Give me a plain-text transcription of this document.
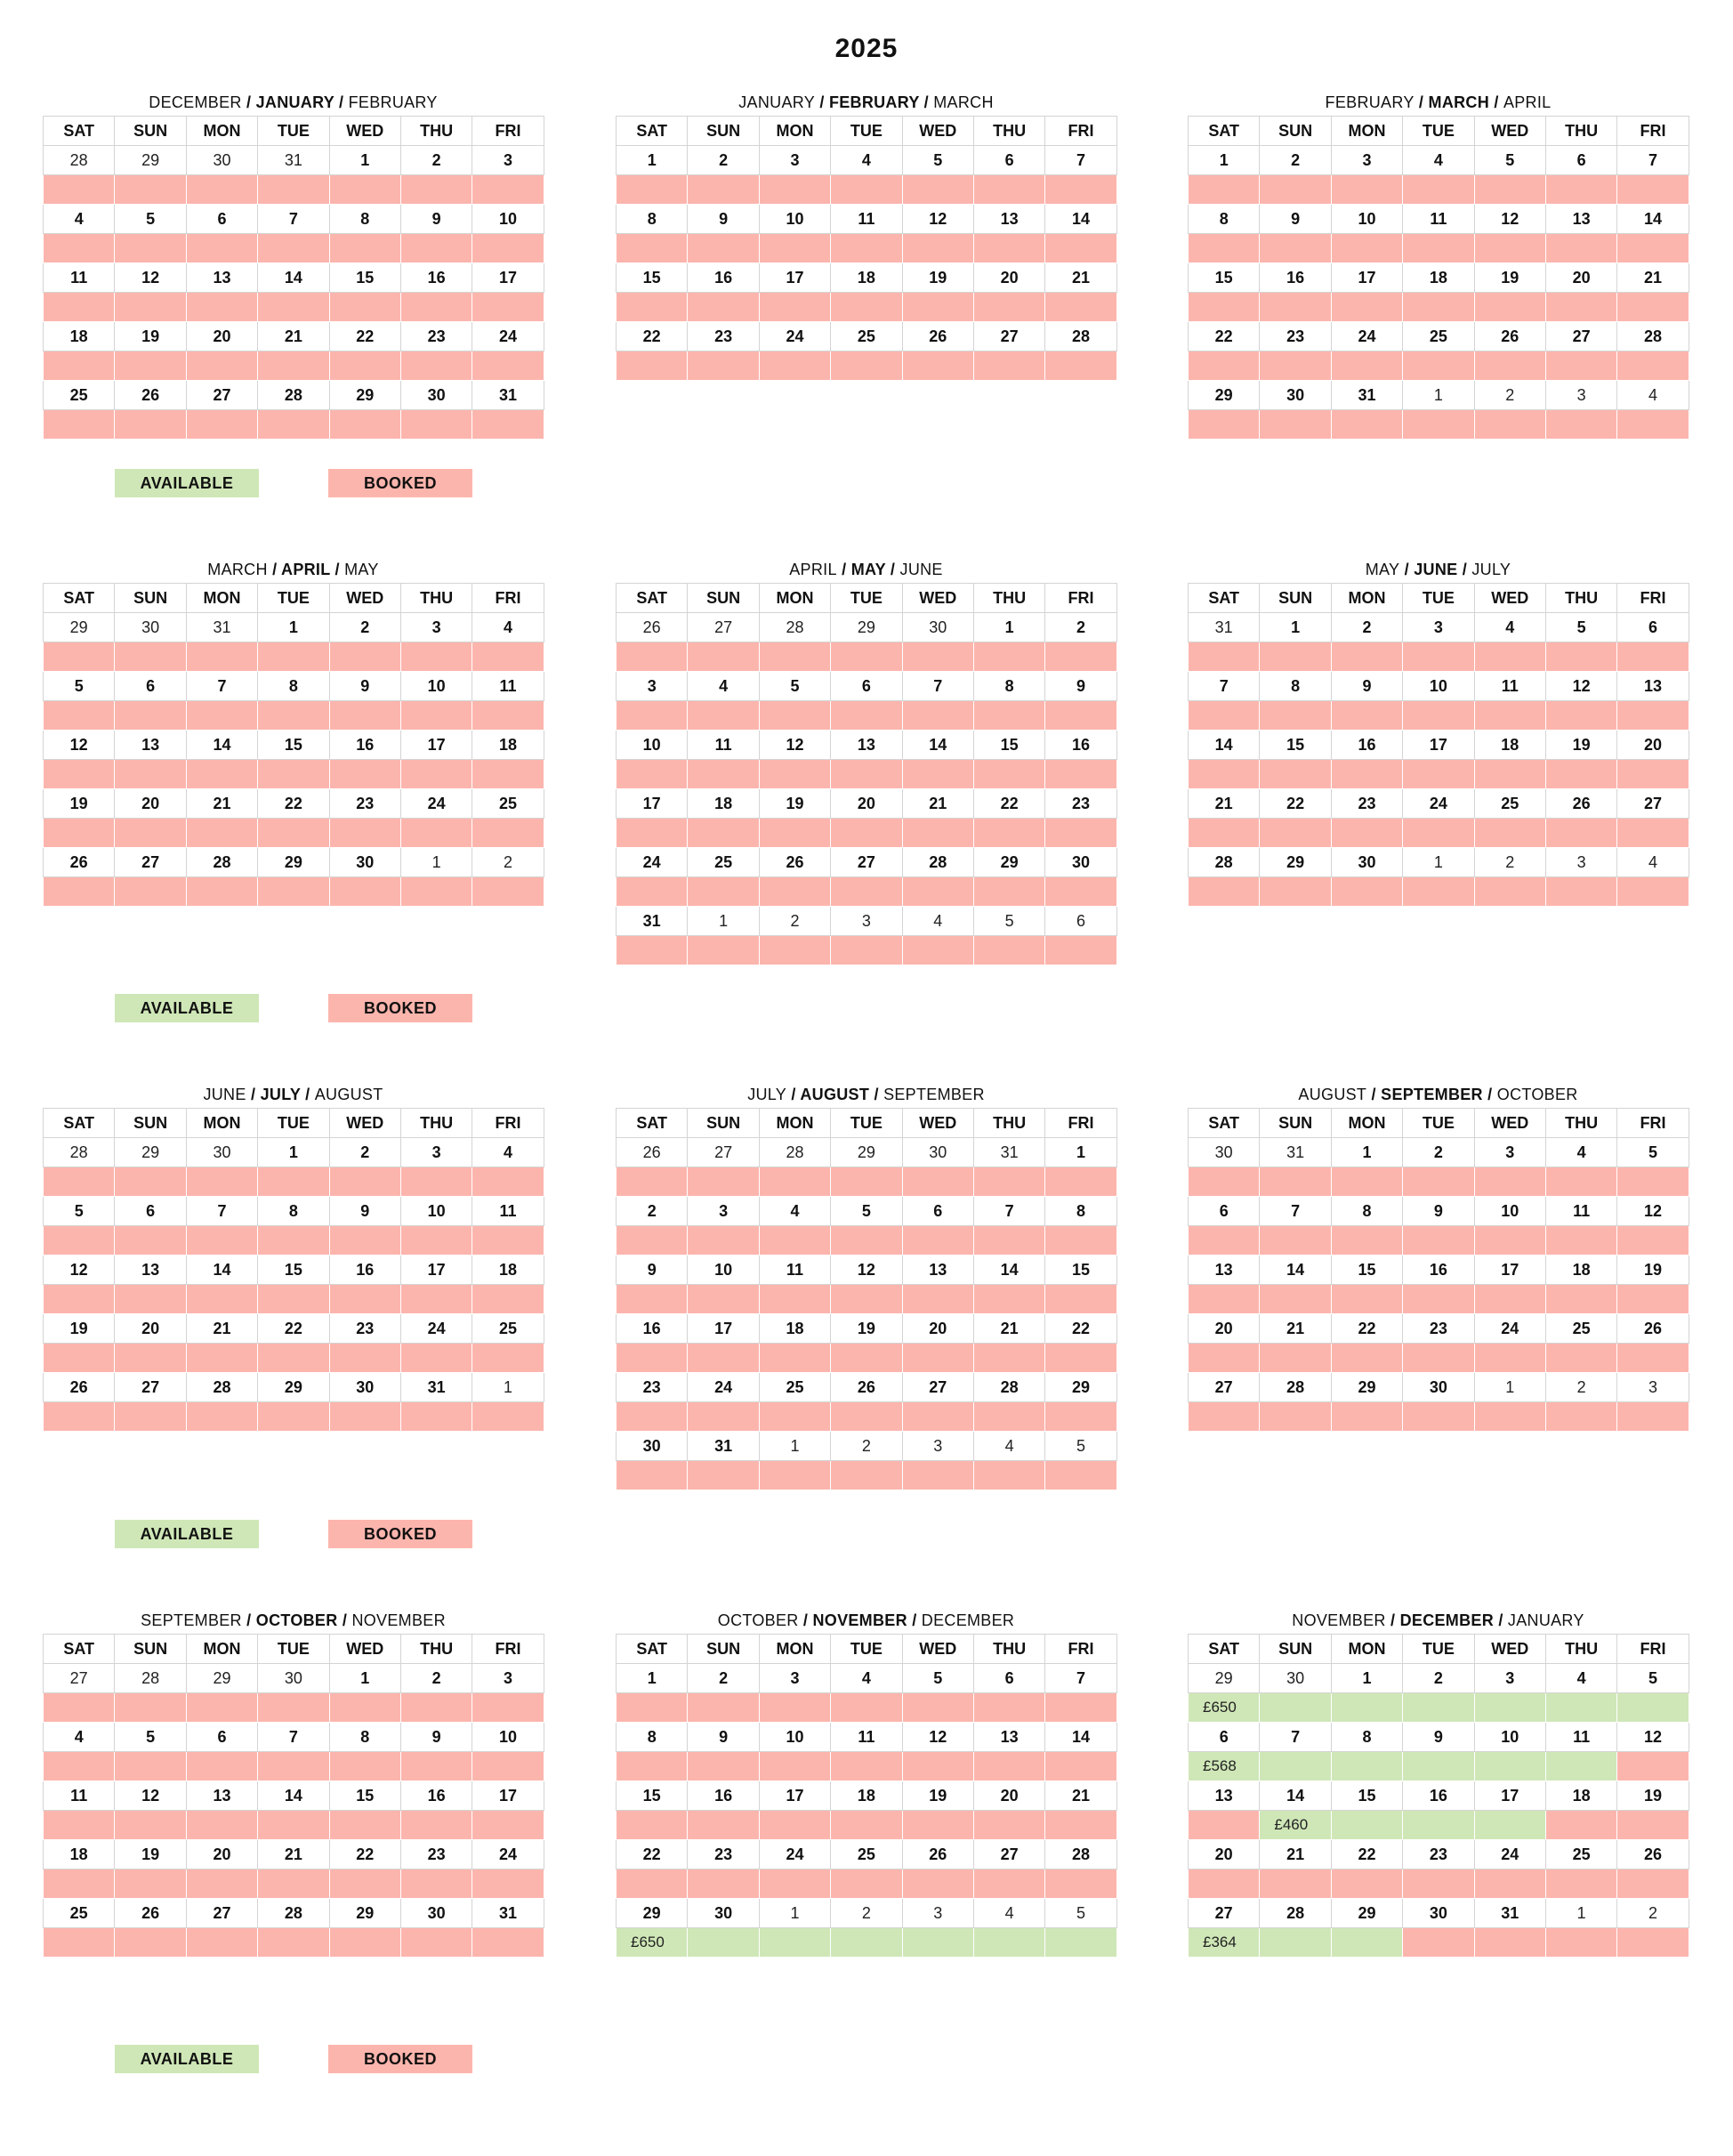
2025
DECEMBER / JANUARY / FEBRUARY
SAT	SUN	MON	TUE	WED	THU	FRI
28	29	30	31	1	2	3

4	5	6	7	8	9	10

11	12	13	14	15	16	17

18	19	20	21	22	23	24

25	26	27	28	29	30	31

JANUARY / FEBRUARY / MARCH
SAT	SUN	MON	TUE	WED	THU	FRI
1	2	3	4	5	6	7

8	9	10	11	12	13	14

15	16	17	18	19	20	21

22	23	24	25	26	27	28

FEBRUARY / MARCH / APRIL
SAT	SUN	MON	TUE	WED	THU	FRI
1	2	3	4	5	6	7

8	9	10	11	12	13	14

15	16	17	18	19	20	21

22	23	24	25	26	27	28

29	30	31	1	2	3	4

MARCH / APRIL / MAY
SAT	SUN	MON	TUE	WED	THU	FRI
29	30	31	1	2	3	4

5	6	7	8	9	10	11

12	13	14	15	16	17	18

19	20	21	22	23	24	25

26	27	28	29	30	1	2

APRIL / MAY / JUNE
SAT	SUN	MON	TUE	WED	THU	FRI
26	27	28	29	30	1	2

3	4	5	6	7	8	9

10	11	12	13	14	15	16

17	18	19	20	21	22	23

24	25	26	27	28	29	30

31	1	2	3	4	5	6

MAY / JUNE / JULY
SAT	SUN	MON	TUE	WED	THU	FRI
31	1	2	3	4	5	6

7	8	9	10	11	12	13

14	15	16	17	18	19	20

21	22	23	24	25	26	27

28	29	30	1	2	3	4

JUNE / JULY / AUGUST
SAT	SUN	MON	TUE	WED	THU	FRI
28	29	30	1	2	3	4

5	6	7	8	9	10	11

12	13	14	15	16	17	18

19	20	21	22	23	24	25

26	27	28	29	30	31	1

JULY / AUGUST / SEPTEMBER
SAT	SUN	MON	TUE	WED	THU	FRI
26	27	28	29	30	31	1

2	3	4	5	6	7	8

9	10	11	12	13	14	15

16	17	18	19	20	21	22

23	24	25	26	27	28	29

30	31	1	2	3	4	5

AUGUST / SEPTEMBER / OCTOBER
SAT	SUN	MON	TUE	WED	THU	FRI
30	31	1	2	3	4	5

6	7	8	9	10	11	12

13	14	15	16	17	18	19

20	21	22	23	24	25	26

27	28	29	30	1	2	3

SEPTEMBER / OCTOBER / NOVEMBER
SAT	SUN	MON	TUE	WED	THU	FRI
27	28	29	30	1	2	3

4	5	6	7	8	9	10

11	12	13	14	15	16	17

18	19	20	21	22	23	24

25	26	27	28	29	30	31

OCTOBER / NOVEMBER / DECEMBER
SAT	SUN	MON	TUE	WED	THU	FRI
1	2	3	4	5	6	7

8	9	10	11	12	13	14

15	16	17	18	19	20	21

22	23	24	25	26	27	28

29	30	1	2	3	4	5
£650						
NOVEMBER / DECEMBER / JANUARY
SAT	SUN	MON	TUE	WED	THU	FRI
29	30	1	2	3	4	5
£650						
6	7	8	9	10	11	12
£568						
13	14	15	16	17	18	19
	£460					
20	21	22	23	24	25	26

27	28	29	30	31	1	2
£364						
AVAILABLE	BOOKED
AVAILABLE	BOOKED
AVAILABLE	BOOKED
AVAILABLE	BOOKED
